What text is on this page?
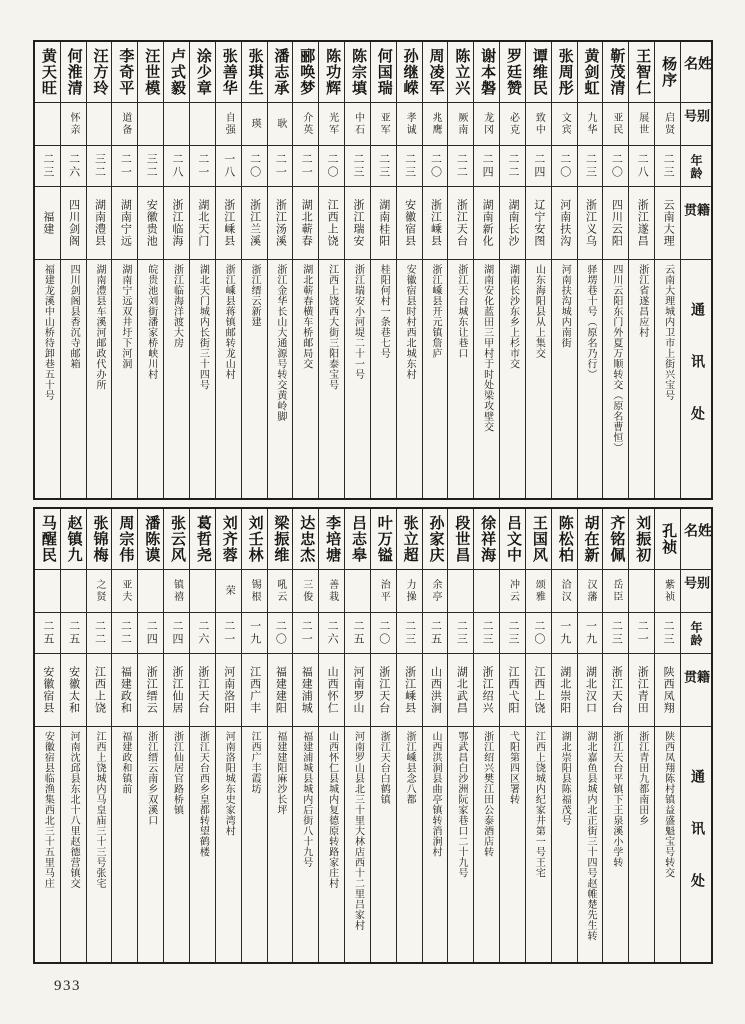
姓名
别号
年龄
籍贯
通讯处
杨序
启贤
二三
云南大理
云南大理城内卫市上街兴宝号
王智仁
展世
二八
浙江遂昌
浙江省遂昌应村
靳茂清
亚民
二〇
四川云阳
四川云阳东门外夏万顺转交（原名曹恒）
黄剑虹
九华
二三
浙江义乌
驿塄巷十号（原名乃行）
张周彤
文宾
二〇
河南扶沟
河南扶沟城内南街
谭维民
致中
二四
辽宁安图
山东海阳县从上集交
罗廷赞
必克
二二
湖南长沙
湖南长沙东乡上杉市交
谢本磐
龙冈
二四
湖南新化
湖南安化蓝田三甲村于时处梁攻壁交
陈立兴
厥南
二二
浙江天台
浙江天台城东让巷口
周凌军
兆鹰
二〇
浙江嵊县
浙江嵊县开元镇詹庐
孙继嵘
孝诚
二三
安徽宿县
安徽宿县时村西北城东村
何国瑞
亚军
二三
湖南桂阳
桂阳何村一条巷七号
陈宗填
中石
二三
浙江瑞安
浙江瑞安小河堤二十一号
陈功辉
光军
二〇
江西上饶
江西上饶西大街三阳泰宝号
郦唤梦
介英
二一
湖北蕲春
湖北蕲春横车桥邮局交
潘志承
耿
二一
浙江汤溪
浙江金华长山大通源号转交黄岭脚
张琪生
瑛
二〇
浙江兰溪
浙江缙云新建
张善华
自强
一八
浙江嵊县
浙江嵊县蒋镇邮转龙山村
涂少章
二一
湖北天门
湖北天门城内长街三十四号
卢式毅
二八
浙江临海
浙江临海洋渡大房
汪世模
三二
安徽贵池
皖贵池刘街潘家桥峡川村
李奇平
道备
二一
湖南宁远
湖南宁远双井圩下河洞
汪方玲
三二
湖南澧县
湖南澧县车溪河邮政代办所
何淮清
怀亲
二六
四川剑阁
四川剑阁县香沉寺邮箱
黄天旺
二三
福建
福建龙溪中山桥待卸巷五十号
姓名
别号
年龄
籍贯
通讯处
孔祯
紫祯
二三
陕西凤翔
陕西凤翔陈村镇益盛魁宝号转交
刘振初
二一
浙江青田
浙江青田九都南田乡
齐铭佩
岳臣
二三
浙江天台
浙江天台平镇下王泉溪小学转
胡在新
汉藩
一九
湖北汉口
湖北嘉鱼县城内北正街三十四号赵帷楚先生转
陈松柏
洽汉
一九
湖北崇阳
湖北崇阳县陈福茂号
王国风
颂雅
二〇
江西上饶
江西上饶城内纪家井第一号王宅
吕文中
冲云
二三
江西弋阳
弋阳第四区署转
徐祥海
二三
浙江绍兴
浙江绍兴樊江田公泰酒店转
段世昌
二三
湖北武昌
鄂武昌白沙洲阮家巷口二十九号
孙家庆
余亭
二五
山西洪洞
山西洪洞县曲亭镇转消涧村
张立超
力操
二三
浙江嵊县
浙江嵊县念八都
叶万镒
治平
二〇
浙江天台
浙江天台白鹤镇
吕志皋
二五
河南罗山
河南罗山县北三十里大林店西十二里吕家村
李培塘
善栽
二六
山西怀仁
山西怀仁县城内复德原转路家庄村
达忠杰
三俊
二一
福建浦城
福建浦城县城内后街八十九号
梁振维
吼云
二〇
福建建阳
福建建阳麻沙长坪
刘壬林
锡根
一九
江西广丰
江西广丰霞坊
刘齐蓉
荣
二一
河南洛阳
河南洛阳城东史家湾村
葛哲尧
二六
浙江天台
浙江天台西乡皇都转望鹤楼
张云风
镇禧
二四
浙江仙居
浙江仙居官路桥镇
潘陈谟
二四
浙江缙云
浙江缙云南乡双溪口
周宗伟
亚夫
二二
福建政和
福建政和镇前
张锦梅
之贤
二二
江西上饶
江西上饶城内马皇庙三十三号张宅
赵镇九
二五
安徽太和
河南沈邱县东北十八里赵德营镇交
马醒民
二五
安徽宿县
安徽宿县临渔集西北三十五里马庄
933
